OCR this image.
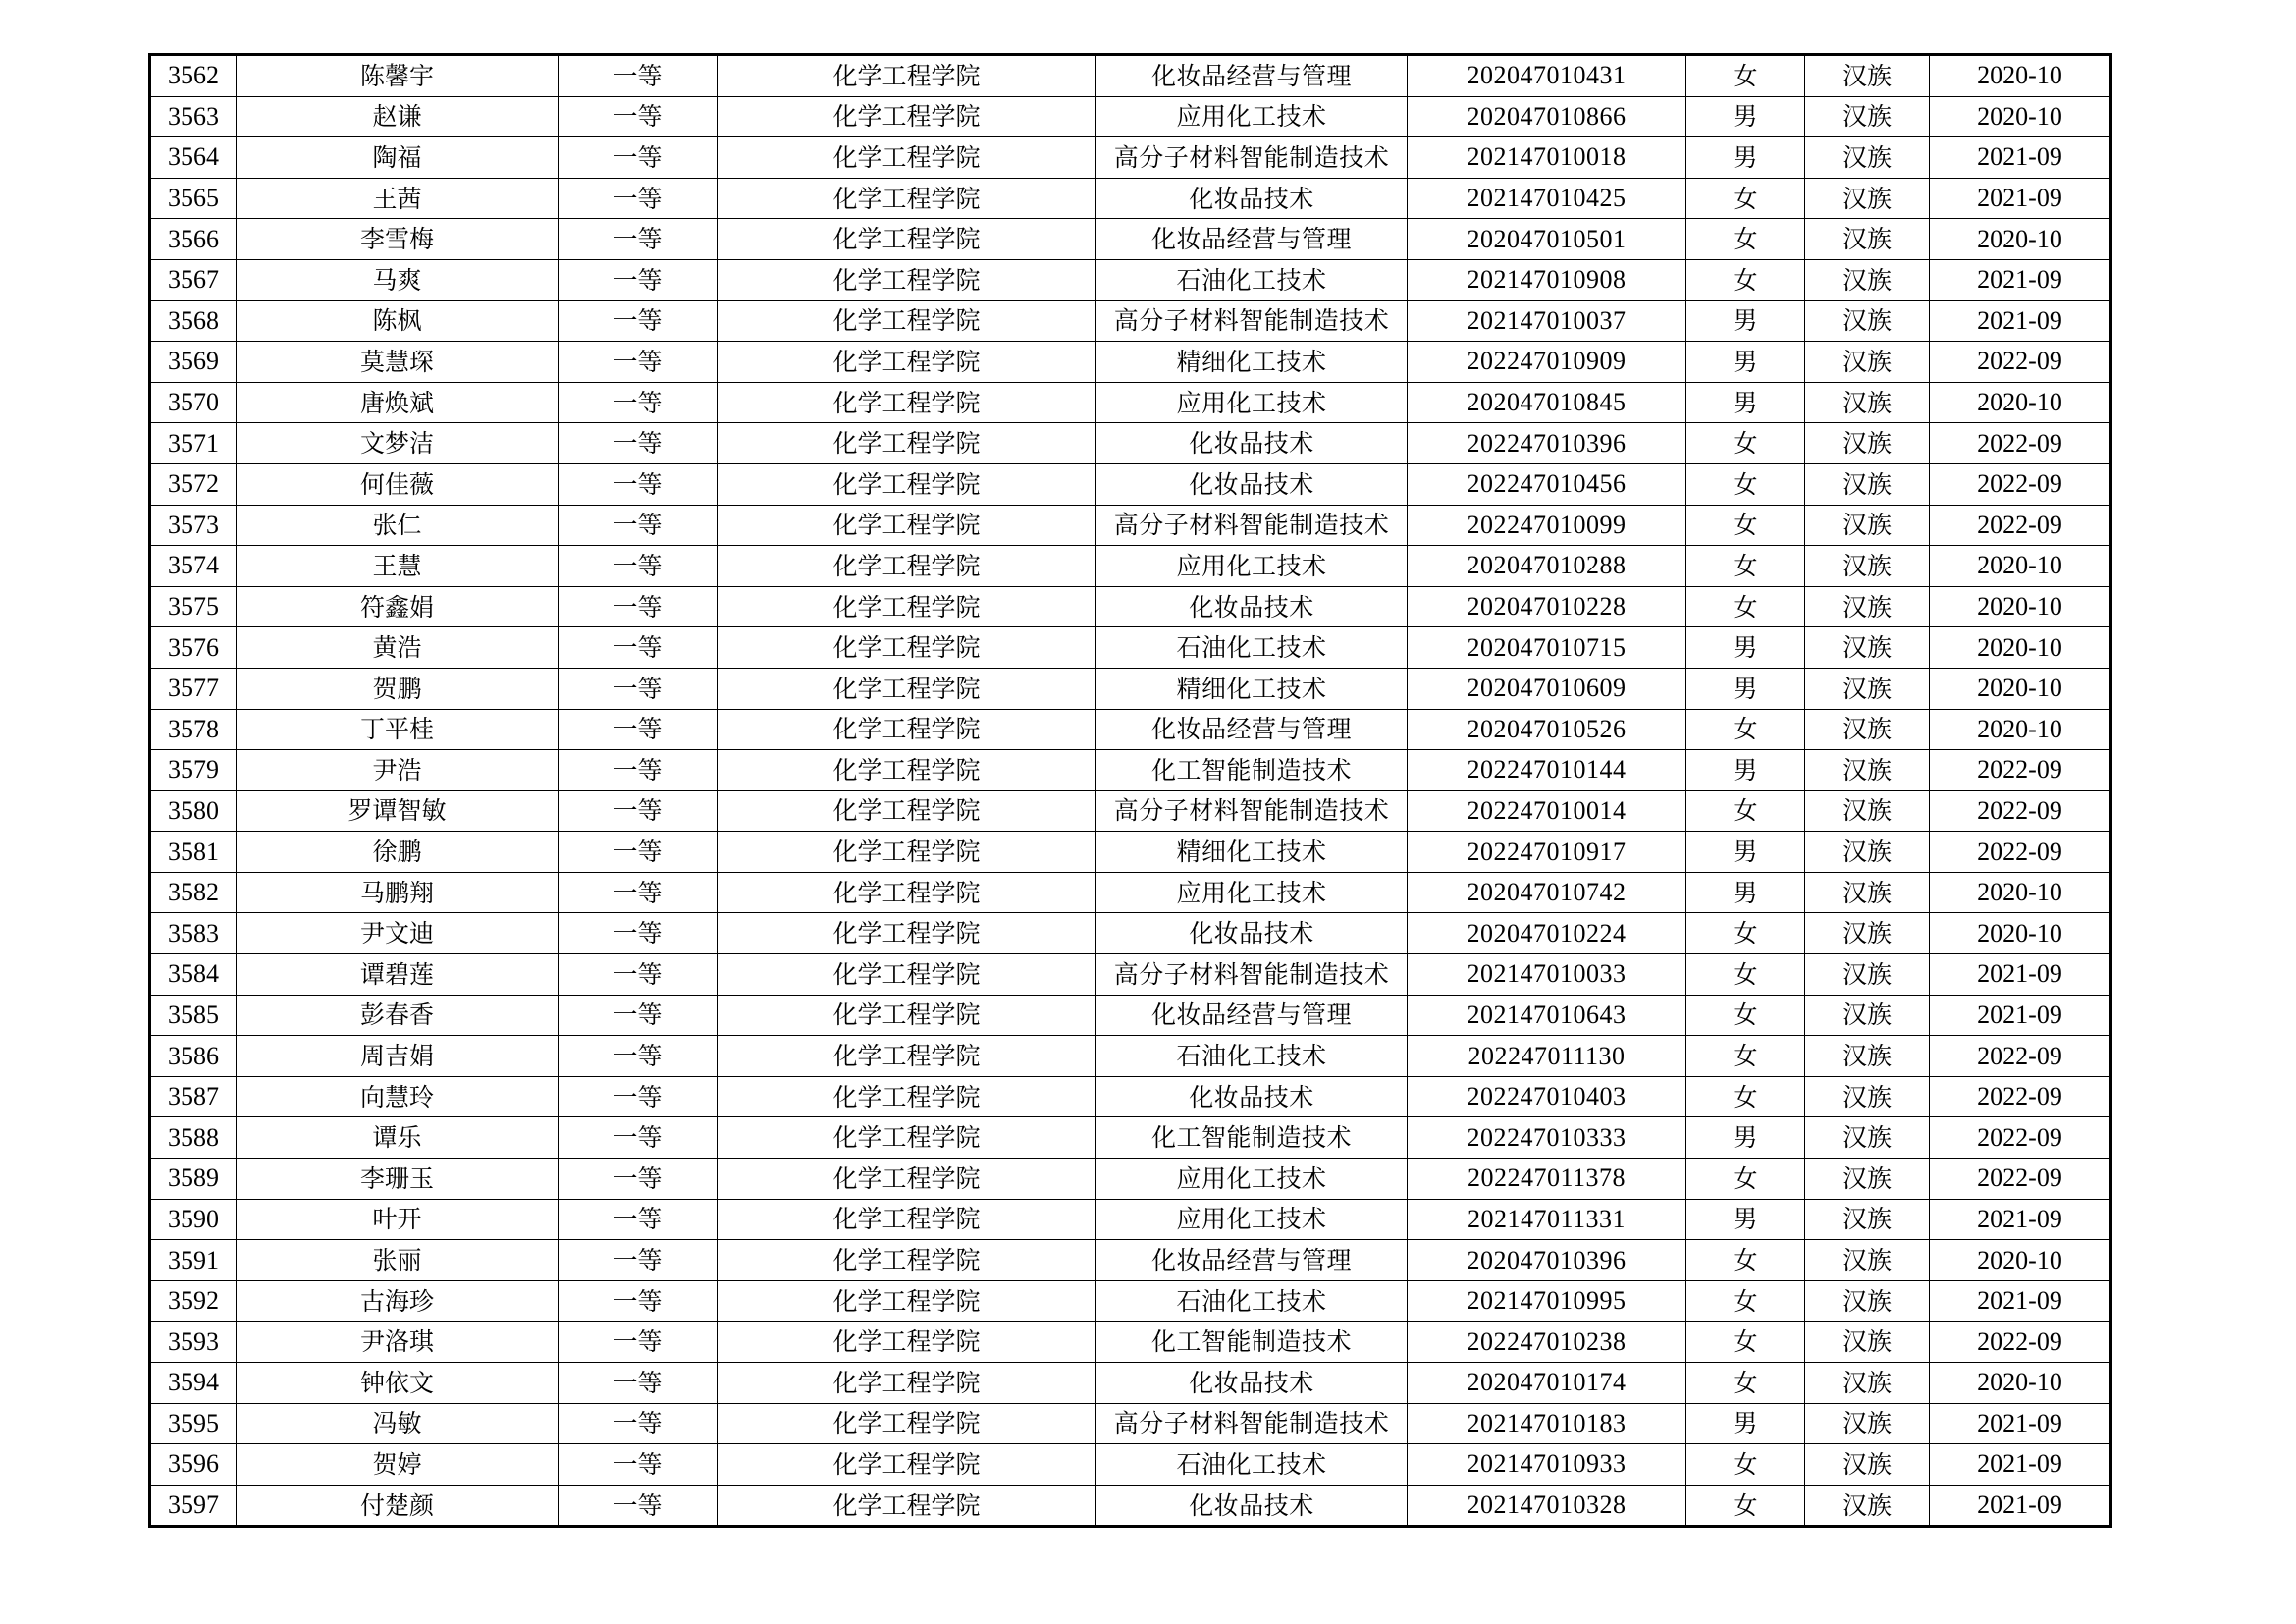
3562	陈馨宇	一等	化学工程学院	化妆品经营与管理	202047010431	女	汉族	2020-10
3563	赵谦	一等	化学工程学院	应用化工技术	202047010866	男	汉族	2020-10
3564	陶福	一等	化学工程学院	高分子材料智能制造技术	202147010018	男	汉族	2021-09
3565	王茜	一等	化学工程学院	化妆品技术	202147010425	女	汉族	2021-09
3566	李雪梅	一等	化学工程学院	化妆品经营与管理	202047010501	女	汉族	2020-10
3567	马爽	一等	化学工程学院	石油化工技术	202147010908	女	汉族	2021-09
3568	陈枫	一等	化学工程学院	高分子材料智能制造技术	202147010037	男	汉族	2021-09
3569	莫慧琛	一等	化学工程学院	精细化工技术	202247010909	男	汉族	2022-09
3570	唐焕斌	一等	化学工程学院	应用化工技术	202047010845	男	汉族	2020-10
3571	文梦洁	一等	化学工程学院	化妆品技术	202247010396	女	汉族	2022-09
3572	何佳薇	一等	化学工程学院	化妆品技术	202247010456	女	汉族	2022-09
3573	张仁	一等	化学工程学院	高分子材料智能制造技术	202247010099	女	汉族	2022-09
3574	王慧	一等	化学工程学院	应用化工技术	202047010288	女	汉族	2020-10
3575	符鑫娟	一等	化学工程学院	化妆品技术	202047010228	女	汉族	2020-10
3576	黄浩	一等	化学工程学院	石油化工技术	202047010715	男	汉族	2020-10
3577	贺鹏	一等	化学工程学院	精细化工技术	202047010609	男	汉族	2020-10
3578	丁平桂	一等	化学工程学院	化妆品经营与管理	202047010526	女	汉族	2020-10
3579	尹浩	一等	化学工程学院	化工智能制造技术	202247010144	男	汉族	2022-09
3580	罗谭智敏	一等	化学工程学院	高分子材料智能制造技术	202247010014	女	汉族	2022-09
3581	徐鹏	一等	化学工程学院	精细化工技术	202247010917	男	汉族	2022-09
3582	马鹏翔	一等	化学工程学院	应用化工技术	202047010742	男	汉族	2020-10
3583	尹文迪	一等	化学工程学院	化妆品技术	202047010224	女	汉族	2020-10
3584	谭碧莲	一等	化学工程学院	高分子材料智能制造技术	202147010033	女	汉族	2021-09
3585	彭春香	一等	化学工程学院	化妆品经营与管理	202147010643	女	汉族	2021-09
3586	周吉娟	一等	化学工程学院	石油化工技术	202247011130	女	汉族	2022-09
3587	向慧玲	一等	化学工程学院	化妆品技术	202247010403	女	汉族	2022-09
3588	谭乐	一等	化学工程学院	化工智能制造技术	202247010333	男	汉族	2022-09
3589	李珊玉	一等	化学工程学院	应用化工技术	202247011378	女	汉族	2022-09
3590	叶开	一等	化学工程学院	应用化工技术	202147011331	男	汉族	2021-09
3591	张丽	一等	化学工程学院	化妆品经营与管理	202047010396	女	汉族	2020-10
3592	古海珍	一等	化学工程学院	石油化工技术	202147010995	女	汉族	2021-09
3593	尹洛琪	一等	化学工程学院	化工智能制造技术	202247010238	女	汉族	2022-09
3594	钟依文	一等	化学工程学院	化妆品技术	202047010174	女	汉族	2020-10
3595	冯敏	一等	化学工程学院	高分子材料智能制造技术	202147010183	男	汉族	2021-09
3596	贺婷	一等	化学工程学院	石油化工技术	202147010933	女	汉族	2021-09
3597	付楚颜	一等	化学工程学院	化妆品技术	202147010328	女	汉族	2021-09
